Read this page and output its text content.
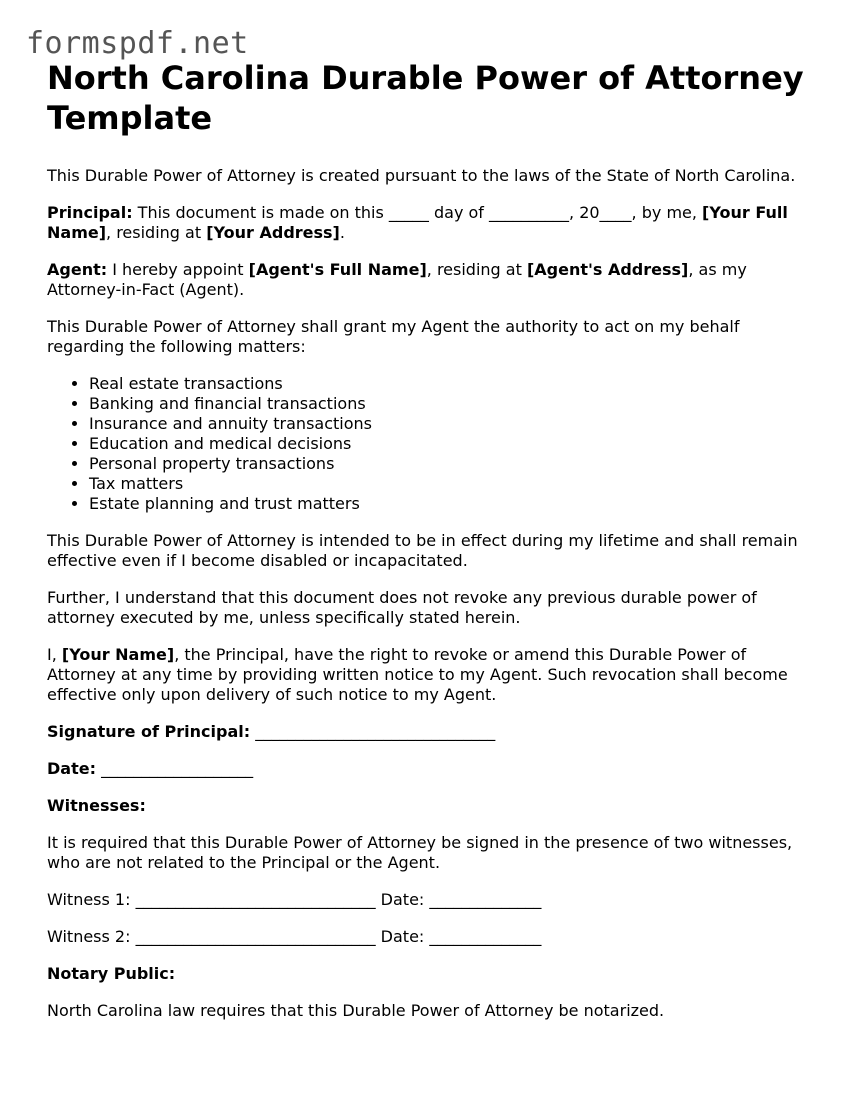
formspdf.net
North Carolina Durable Power of Attorney Template

This Durable Power of Attorney is created pursuant to the laws of the State of North Carolina.

Principal: This document is made on this _____ day of __________, 20____, by me, [Your Full Name], residing at [Your Address].

Agent: I hereby appoint [Agent's Full Name], residing at [Agent's Address], as my Attorney-in-Fact (Agent).

This Durable Power of Attorney shall grant my Agent the authority to act on my behalf regarding the following matters:

• Real estate transactions
• Banking and financial transactions
• Insurance and annuity transactions
• Education and medical decisions
• Personal property transactions
• Tax matters
• Estate planning and trust matters

This Durable Power of Attorney is intended to be in effect during my lifetime and shall remain effective even if I become disabled or incapacitated.

Further, I understand that this document does not revoke any previous durable power of attorney executed by me, unless specifically stated herein.

I, [Your Name], the Principal, have the right to revoke or amend this Durable Power of Attorney at any time by providing written notice to my Agent. Such revocation shall become effective only upon delivery of such notice to my Agent.

Signature of Principal: ______________________________

Date: ___________________

Witnesses:

It is required that this Durable Power of Attorney be signed in the presence of two witnesses, who are not related to the Principal or the Agent.

Witness 1: ______________________________ Date: ______________

Witness 2: ______________________________ Date: ______________

Notary Public:

North Carolina law requires that this Durable Power of Attorney be notarized.
